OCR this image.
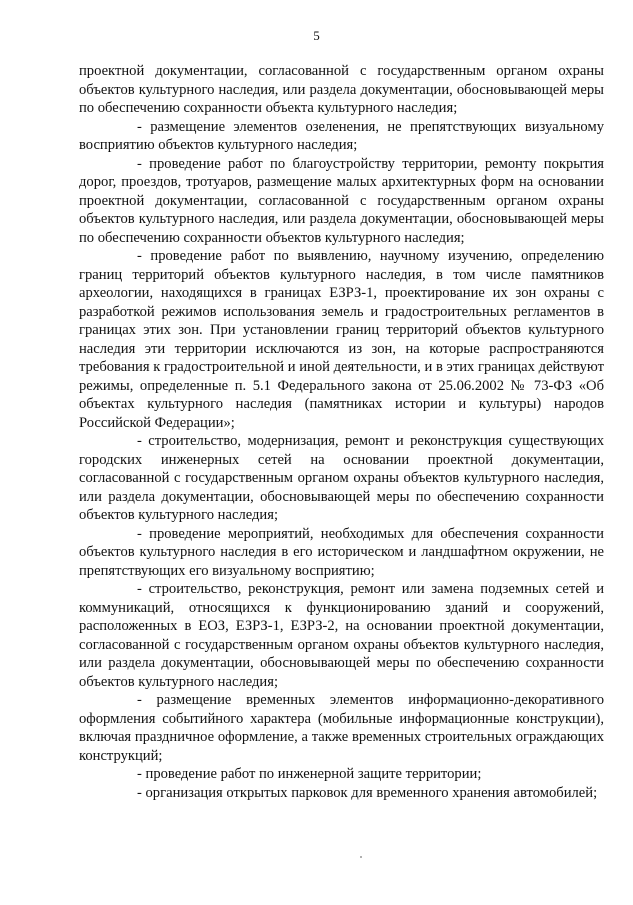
5

проектной документации, согласованной с государственным органом охраны объектов культурного наследия, или раздела документации, обосновывающей меры по обеспечению сохранности объекта культурного наследия;

- размещение элементов озеленения, не препятствующих визуальному восприятию объектов культурного наследия;

- проведение работ по благоустройству территории, ремонту покрытия дорог, проездов, тротуаров, размещение малых архитектурных форм на основании проектной документации, согласованной с государственным органом охраны объектов культурного наследия, или раздела документации, обосновывающей меры по обеспечению сохранности объектов культурного наследия;

- проведение работ по выявлению, научному изучению, определению границ территорий объектов культурного наследия, в том числе памятников археологии, находящихся в границах ЕЗРЗ-1, проектирование их зон охраны с разработкой режимов использования земель и градостроительных регламентов в границах этих зон. При установлении границ территорий объектов культурного наследия эти территории исключаются из зон, на которые распространяются требования к градостроительной и иной деятельности, и в этих границах действуют режимы, определенные п. 5.1 Федерального закона от 25.06.2002 № 73-ФЗ «Об объектах культурного наследия (памятниках истории и культуры) народов Российской Федерации»;

- строительство, модернизация, ремонт и реконструкция существующих городских инженерных сетей на основании проектной документации, согласованной с государственным органом охраны объектов культурного наследия, или раздела документации, обосновывающей меры по обеспечению сохранности объектов культурного наследия;

- проведение мероприятий, необходимых для обеспечения сохранности объектов культурного наследия в его историческом и ландшафтном окружении, не препятствующих его визуальному восприятию;

- строительство, реконструкция, ремонт или замена подземных сетей и коммуникаций, относящихся к функционированию зданий и сооружений, расположенных в ЕОЗ, ЕЗРЗ-1, ЕЗРЗ-2, на основании проектной документации, согласованной с государственным органом охраны объектов культурного наследия, или раздела документации, обосновывающей меры по обеспечению сохранности объектов культурного наследия;

- размещение временных элементов информационно-декоративного оформления событийного характера (мобильные информационные конструкции), включая праздничное оформление, а также временных строительных ограждающих конструкций;

- проведение работ по инженерной защите территории;

- организация открытых парковок для временного хранения автомобилей;
